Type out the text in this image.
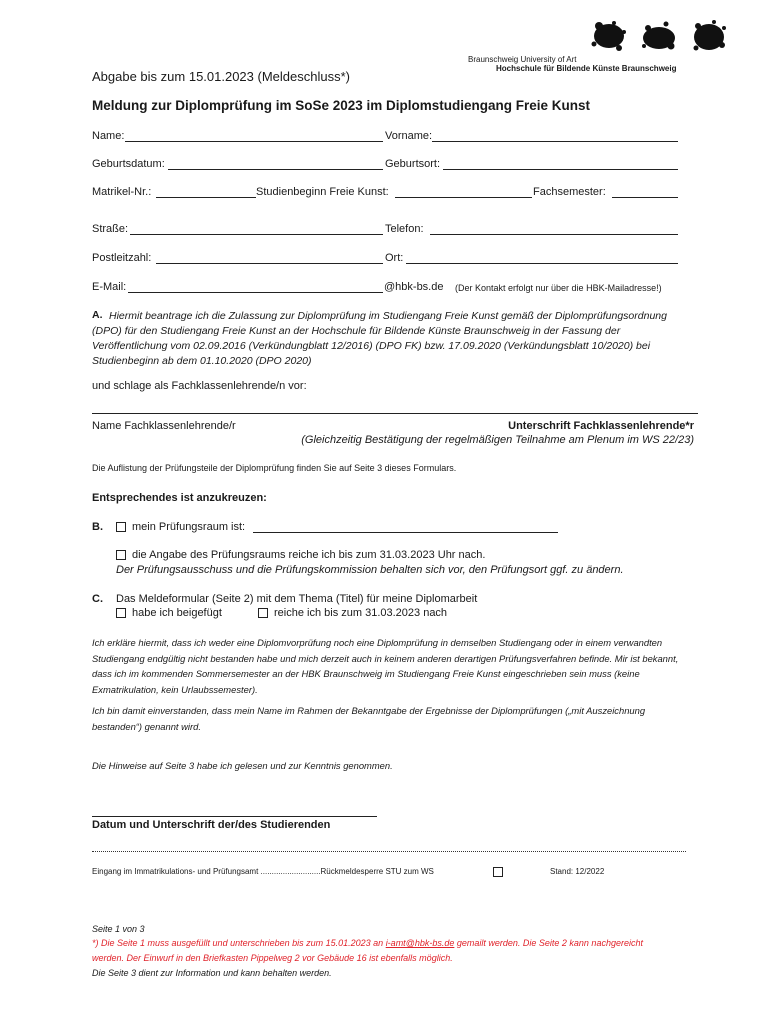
Braunschweig University of Art
Hochschule für Bildende Künste Braunschweig
Abgabe bis zum 15.01.2023 (Meldeschluss*)
Meldung zur Diplomprüfung im SoSe 2023 im Diplomstudiengang Freie Kunst
Name:	Vorname:
Geburtsdatum:	Geburtsort:
Matrikel-Nr.:	Studienbeginn Freie Kunst:	Fachsemester:
Straße:	Telefon:
Postleitzahl:	Ort:
E-Mail:	@hbk-bs.de (Der Kontakt erfolgt nur über die HBK-Mailadresse!)
A. Hiermit beantrage ich die Zulassung zur Diplomprüfung im Studiengang Freie Kunst gemäß der Diplomprüfungsordnung (DPO) für den Studiengang Freie Kunst an der Hochschule für Bildende Künste Braunschweig in der Fassung der Veröffentlichung vom 02.09.2016 (Verkündungblatt 12/2016) (DPO FK) bzw. 17.09.2020 (Verkündungsblatt 10/2020) bei Studienbeginn ab dem 01.10.2020 (DPO 2020)
und schlage als Fachklassenlehrende/n vor:
Name Fachklassenlehrende/r	Unterschrift Fachklassenlehrende*r
(Gleichzeitig Bestätigung der regelmäßigen Teilnahme am Plenum im WS 22/23)
Die Auflistung der Prüfungsteile der Diplomprüfung finden Sie auf Seite 3 dieses Formulars.
Entsprechendes ist anzukreuzen:
B.	mein Prüfungsraum ist:
die Angabe des Prüfungsraums reiche ich bis zum 31.03.2023 Uhr nach.
Der Prüfungsausschuss und die Prüfungskommission behalten sich vor, den Prüfungsort ggf. zu ändern.
C. Das Meldeformular (Seite 2) mit dem Thema (Titel) für meine Diplomarbeit
habe ich beigefügt	reiche ich bis zum 31.03.2023 nach
Ich erkläre hiermit, dass ich weder eine Diplomvorprüfung noch eine Diplomprüfung in demselben Studiengang oder in einem verwandten Studiengang endgültig nicht bestanden habe und mich derzeit auch in keinem anderen derartigen Prüfungsverfahren befinde. Mir ist bekannt, dass ich im kommenden Sommersemester an der HBK Braunschweig im Studiengang Freie Kunst eingeschrieben sein muss (keine Exmatrikulation, kein Urlaubssemester).
Ich bin damit einverstanden, dass mein Name im Rahmen der Bekanntgabe der Ergebnisse der Diplomprüfungen („mit Auszeichnung bestanden“) genannt wird.
Die Hinweise auf Seite 3 habe ich gelesen und zur Kenntnis genommen.
Datum und Unterschrift der/des Studierenden
Eingang im Immatrikulations- und Prüfungsamt ...........................Rückmeldesperre STU zum WS	Stand: 12/2022
Seite 1 von 3
*) Die Seite 1 muss ausgefüllt und unterschrieben bis zum 15.01.2023 an i-amt@hbk-bs.de gemailt werden. Die Seite 2 kann nachgereicht
werden. Der Einwurf in den Briefkasten Pippelweg 2 vor Gebäude 16 ist ebenfalls möglich.
Die Seite 3 dient zur Information und kann behalten werden.
